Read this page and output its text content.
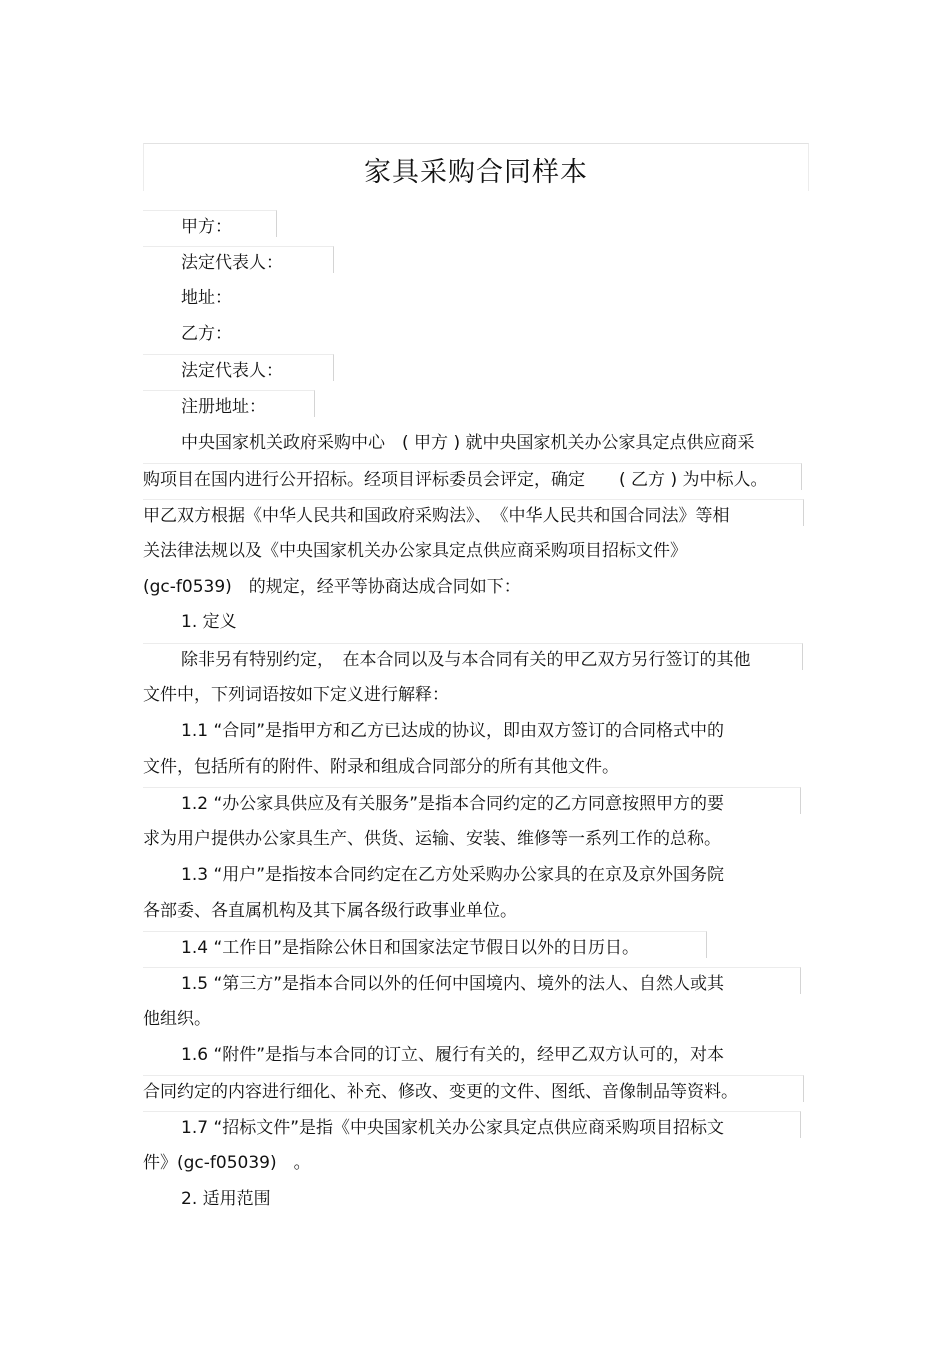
家具采购合同样本
甲方：
法定代表人：
地址：
乙方：
法定代表人：
注册地址：
中央国家机关政府采购中心　( 甲方 ) 就中央国家机关办公家具定点供应商采
购项目在国内进行公开招标。经项目评标委员会评定，确定　　( 乙方 ) 为中标人。
甲乙双方根据《中华人民共和国政府采购法》、　《中华人民共和国合同法》等相
关法律法规以及《中央国家机关办公家具定点供应商采购项目招标文件》
(gc-f0539)　的规定，经平等协商达成合同如下：
1. 定义
除非另有特别约定，　在本合同以及与本合同有关的甲乙双方另行签订的其他
文件中，下列词语按如下定义进行解释：
1.1 “合同”是指甲方和乙方已达成的协议，即由双方签订的合同格式中的
文件，包括所有的附件、附录和组成合同部分的所有其他文件。
1.2 “办公家具供应及有关服务”是指本合同约定的乙方同意按照甲方的要
求为用户提供办公家具生产、供货、运输、安装、维修等一系列工作的总称。
1.3 “用户”是指按本合同约定在乙方处采购办公家具的在京及京外国务院
各部委、各直属机构及其下属各级行政事业单位。
1.4 “工作日”是指除公休日和国家法定节假日以外的日历日。
1.5 “第三方”是指本合同以外的任何中国境内、境外的法人、自然人或其
他组织。
1.6 “附件”是指与本合同的订立、履行有关的，经甲乙双方认可的，对本
合同约定的内容进行细化、补充、修改、变更的文件、图纸、音像制品等资料。
1.7 “招标文件”是指《中央国家机关办公家具定点供应商采购项目招标文
件》(gc-f05039)　。
2. 适用范围
